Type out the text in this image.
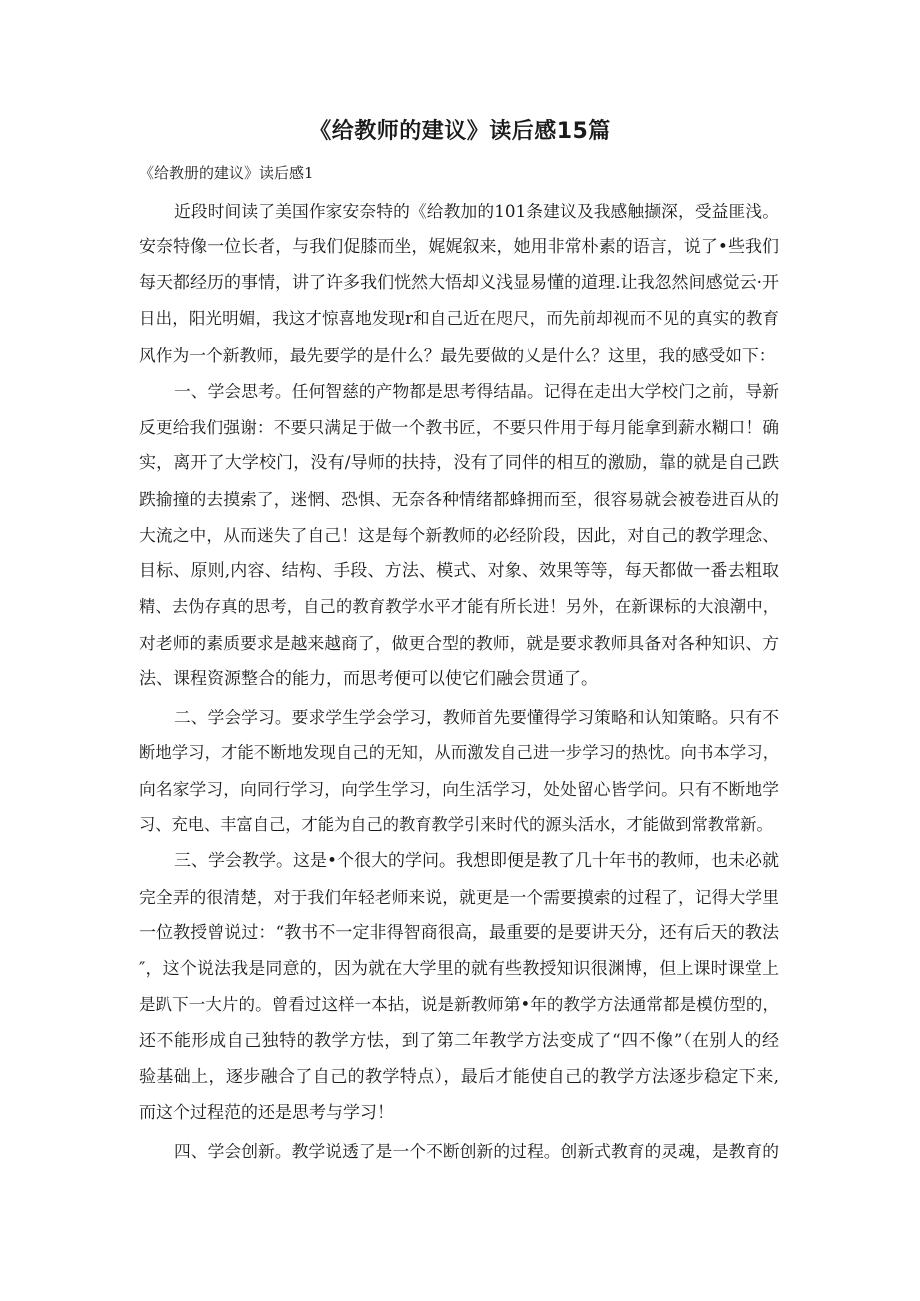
《给教师的建议》读后感15篇

《给教册的建议》读后感1

近段时间读了美国作家安奈特的《给教加的101条建议及我感触撷深，受益匪浅。

安奈特像一位长者，与我们促膝而坐，娓娓叙来，她用非常朴素的语言，说了•些我们

每天都经历的事情，讲了许多我们恍然大悟却义浅显易懂的道理.让我忽然间感觉云·开

日出，阳光明媚，我这才惊喜地发现r和自己近在咫尺，而先前却视而不见的真实的教育

风作为一个新教师，最先要学的是什么？最先要做的乂是什么？这里，我的感受如下：

一、学会思考。任何智慈的产物都是思考得结晶。记得在走出大学校门之前，导新

反更给我们强谢：不要只满足于做一个教书匠，不要只件用于每月能拿到薪水糊口！确

实，离开了大学校门，没有/导师的扶持，没有了同伴的相互的激励，靠的就是自己跌

跌揄撞的去摸索了，迷惘、恐惧、无奈各种情绪都蜂拥而至，很容易就会被卷进百从的

大流之中，从而迷失了自己！这是每个新教师的必经阶段，因此，对自己的教学理念、

目标、原则,内容、结构、手段、方法、模式、对象、效果等等，每天都做一番去粗取

精、去伪存真的思考，自己的教育教学水平才能有所长进！另外，在新课标的大浪潮中，

对老师的素质要求是越来越商了，做更合型的教师，就是要求教师具备对各种知识、方

法、课程资源整合的能力，而思考便可以使它们融会贯通了。

二、学会学习。要求学生学会学习，教师首先要懂得学习策略和认知策略。只有不

断地学习，才能不断地发现自己的无知，从而激发自己进一步学习的热忱。向书本学习，

向名家学习，向同行学习，向学生学习，向生活学习，处处留心皆学问。只有不断地学

习、充电、丰富自己，才能为自己的教育教学引来时代的源头活水，才能做到常教常新。

三、学会教学。这是•个很大的学问。我想即便是教了几十年书的教师，也未必就

完全弄的很清楚，对于我们年轻老师来说，就更是一个需要摸索的过程了，记得大学里

一位教授曾说过：“教书不一定非得智商很高，最重要的是要讲天分，还有后天的教法

″，这个说法我是同意的，因为就在大学里的就有些教授知识很渊博，但上课时课堂上

是趴下一大片的。曾看过这样一本拈，说是新教师第•年的教学方法通常都是模仿型的，

还不能形成自己独特的教学方怯，到了第二年教学方法变成了“四不像”（在别人的经

验基础上，逐步融合了自己的教学特点），最后才能使自己的教学方法逐步稳定下来,

而这个过程范的还是思考与学习！

四、学会创新。教学说透了是一个不断创新的过程。创新式教育的灵魂，是教育的
